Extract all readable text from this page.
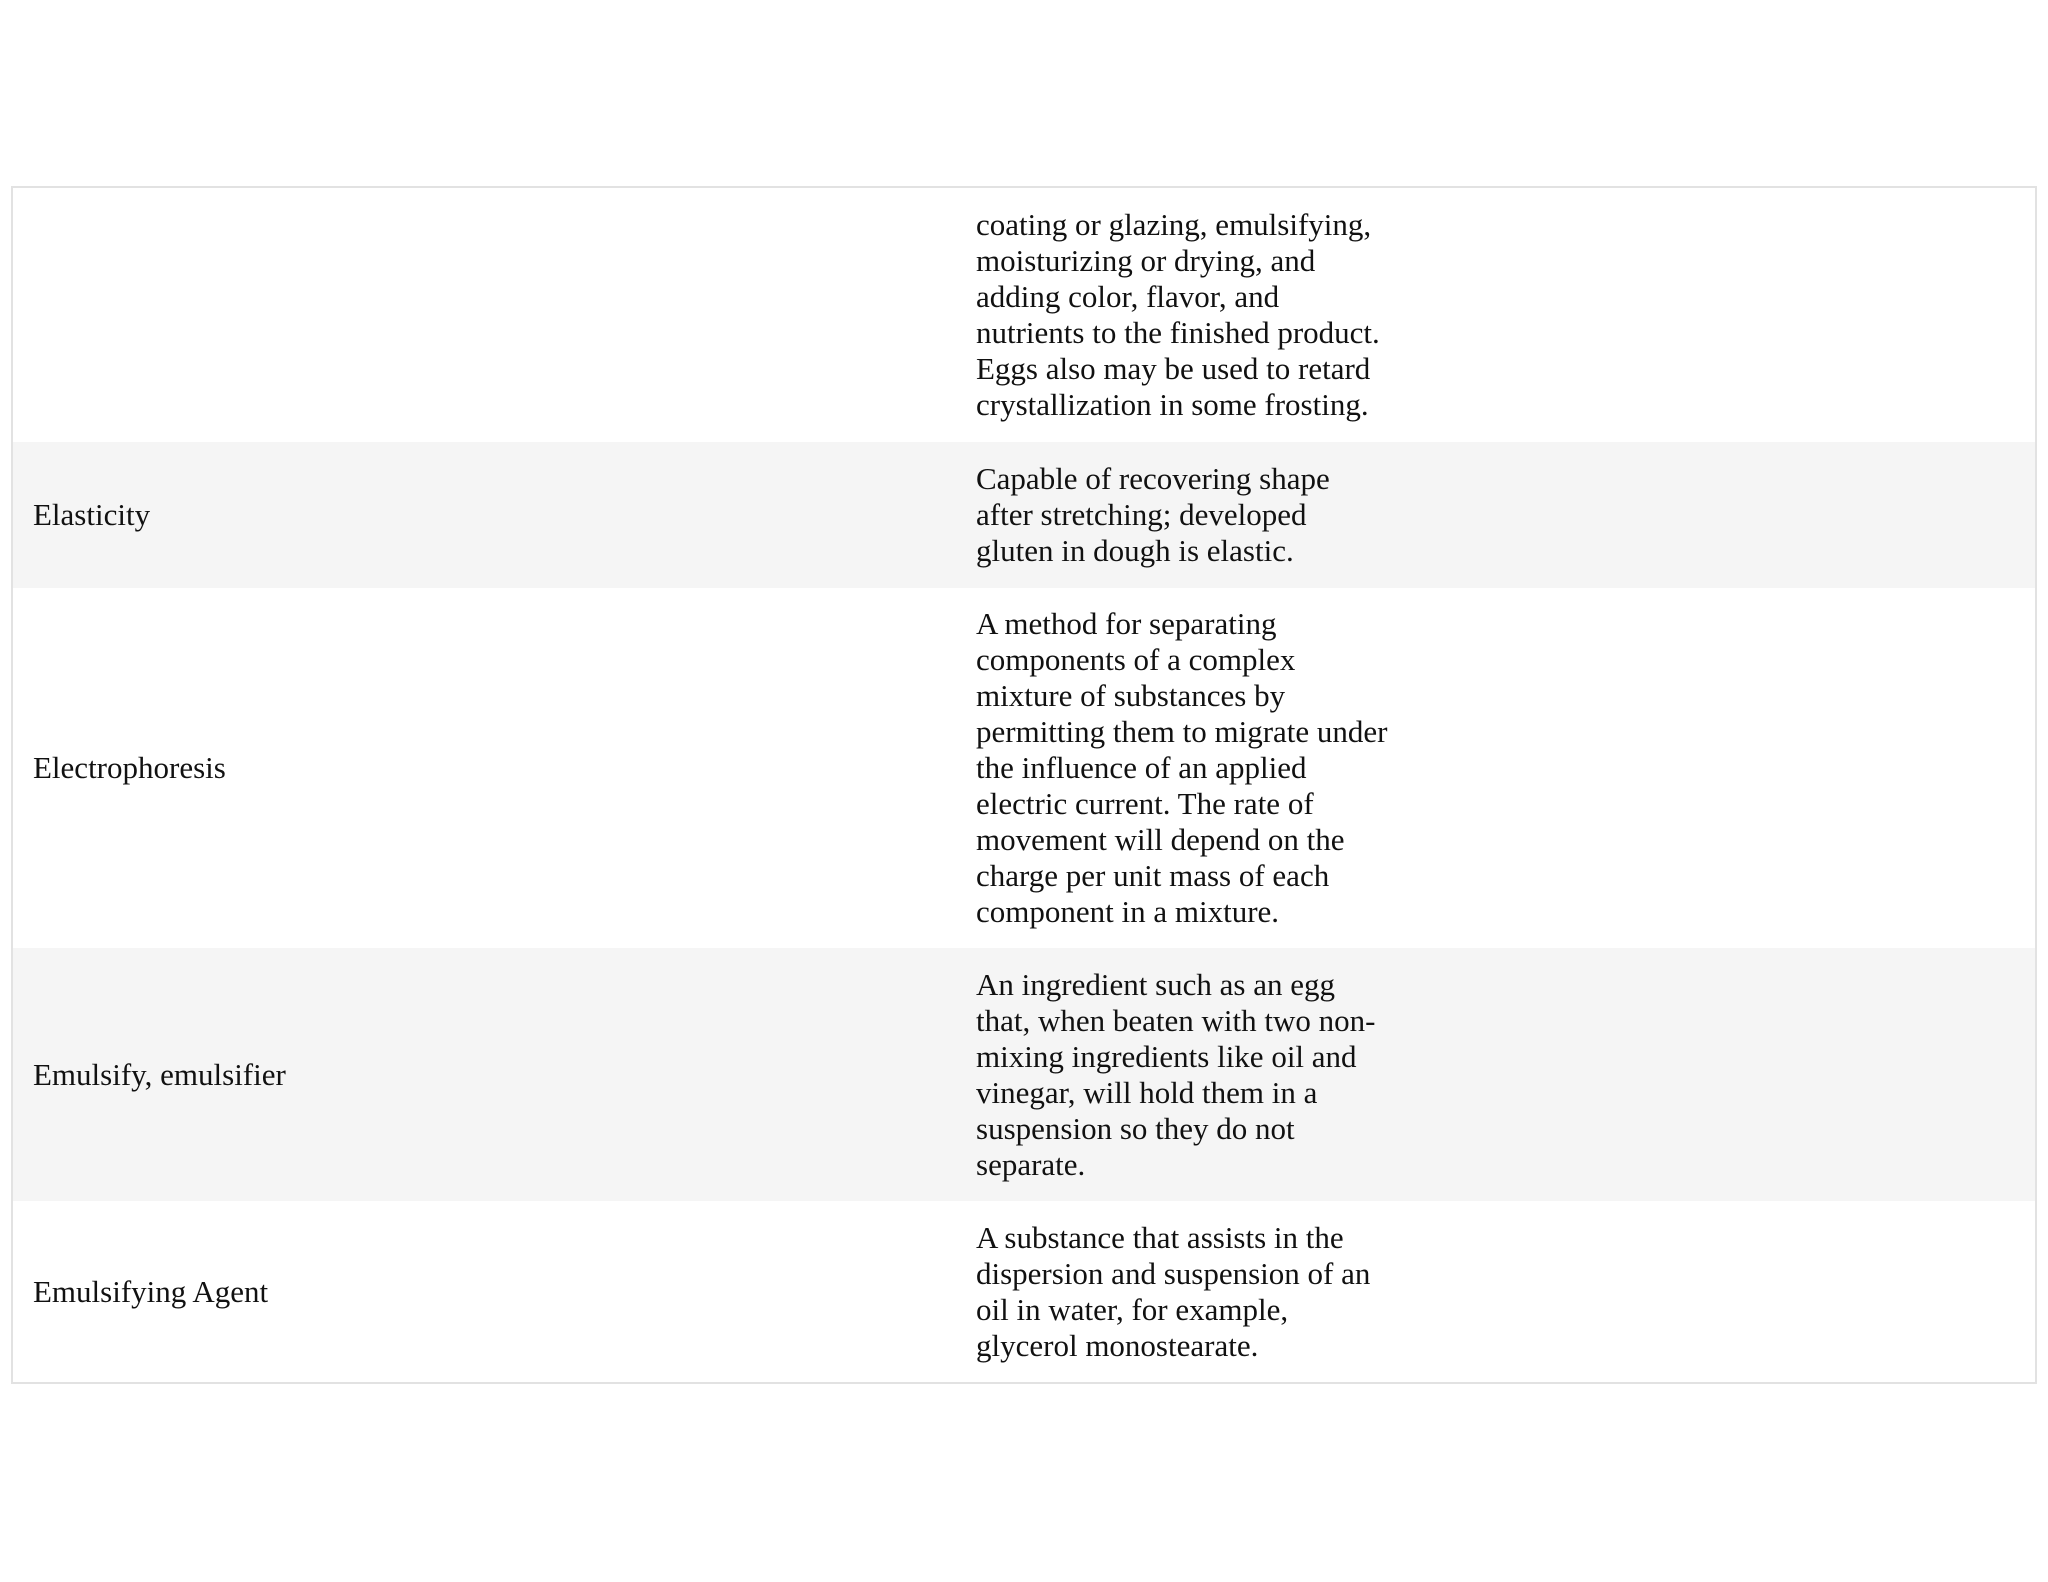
coating or glazing, emulsifying,
moisturizing or drying, and
adding color, flavor, and
nutrients to the finished product.
Eggs also may be used to retard
crystallization in some frosting.
Elasticity
Capable of recovering shape
after stretching; developed
gluten in dough is elastic.
Electrophoresis
A method for separating
components of a complex
mixture of substances by
permitting them to migrate under
the influence of an applied
electric current. The rate of
movement will depend on the
charge per unit mass of each
component in a mixture.
Emulsify, emulsifier
An ingredient such as an egg
that, when beaten with two non-
mixing ingredients like oil and
vinegar, will hold them in a
suspension so they do not
separate.
Emulsifying Agent
A substance that assists in the
dispersion and suspension of an
oil in water, for example,
glycerol monostearate.
